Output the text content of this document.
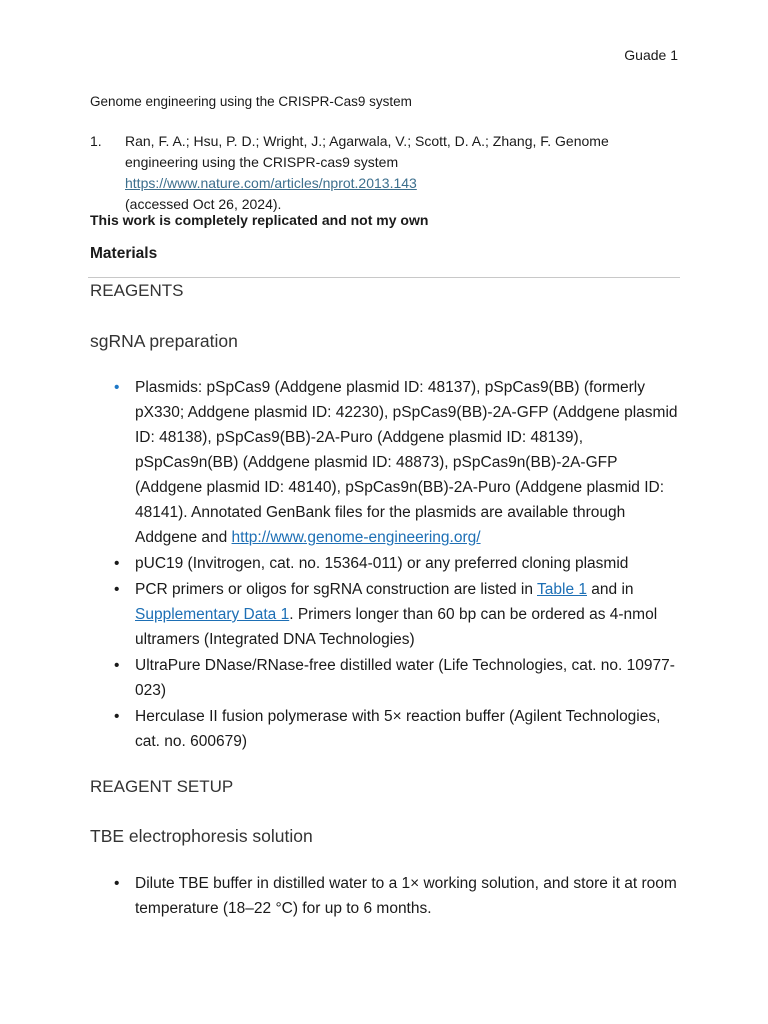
Guade 1
Genome engineering using the CRISPR-Cas9 system
1.	Ran, F. A.; Hsu, P. D.; Wright, J.; Agarwala, V.; Scott, D. A.; Zhang, F. Genome engineering using the CRISPR-cas9 system https://www.nature.com/articles/nprot.2013.143
(accessed Oct 26, 2024).
This work is completely replicated and not my own
Materials
REAGENTS
sgRNA preparation
• Plasmids: pSpCas9 (Addgene plasmid ID: 48137), pSpCas9(BB) (formerly pX330; Addgene plasmid ID: 42230), pSpCas9(BB)-2A-GFP (Addgene plasmid ID: 48138), pSpCas9(BB)-2A-Puro (Addgene plasmid ID: 48139), pSpCas9n(BB) (Addgene plasmid ID: 48873), pSpCas9n(BB)-2A-GFP (Addgene plasmid ID: 48140), pSpCas9n(BB)-2A-Puro (Addgene plasmid ID: 48141). Annotated GenBank files for the plasmids are available through Addgene and http://www.genome-engineering.org/
• pUC19 (Invitrogen, cat. no. 15364-011) or any preferred cloning plasmid
• PCR primers or oligos for sgRNA construction are listed in Table 1 and in Supplementary Data 1. Primers longer than 60 bp can be ordered as 4-nmol ultramers (Integrated DNA Technologies)
• UltraPure DNase/RNase-free distilled water (Life Technologies, cat. no. 10977-023)
• Herculase II fusion polymerase with 5× reaction buffer (Agilent Technologies, cat. no. 600679)
REAGENT SETUP
TBE electrophoresis solution
• Dilute TBE buffer in distilled water to a 1× working solution, and store it at room temperature (18–22 °C) for up to 6 months.
